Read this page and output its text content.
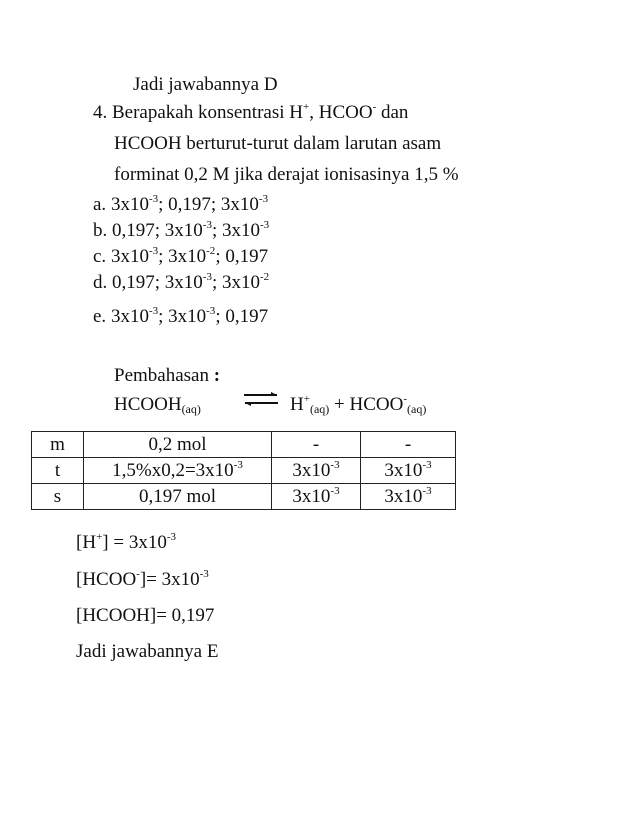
Jadi jawabannya D
4. Berapakah konsentrasi H+, HCOO- dan
HCOOH berturut-turut dalam larutan asam
forminat 0,2 M jika derajat ionisasinya 1,5 %
a. $3x10^{-3}$; 0,197; $3x10^{-3}$
b. 0,197; $3x10^{-3}$; $3x10^{-3}$
c. $3x10^{-3}$; $3x10^{-2}$; 0,197
d. 0,197; $3x10^{-3}$; $3x10^{-2}$
e. $3x10^{-3}$; $3x10^{-3}$; 0,197
Pembahasan :
$HCOOH_{(aq)}$ ⇌ $H^+_{(aq)}$ + $HCOO^-_{(aq)}$
m	0,2 mol	-	-
t	$1,5\%x0,2=3x10^{-3}$	$3x10^{-3}$	$3x10^{-3}$
s	0,197 mol	$3x10^{-3}$	$3x10^{-3}$
$[H^+] = 3x10^{-3}$
[HCOO-]= $3x10^{-3}$
[HCOOH]= 0,197
Jadi jawabannya E
